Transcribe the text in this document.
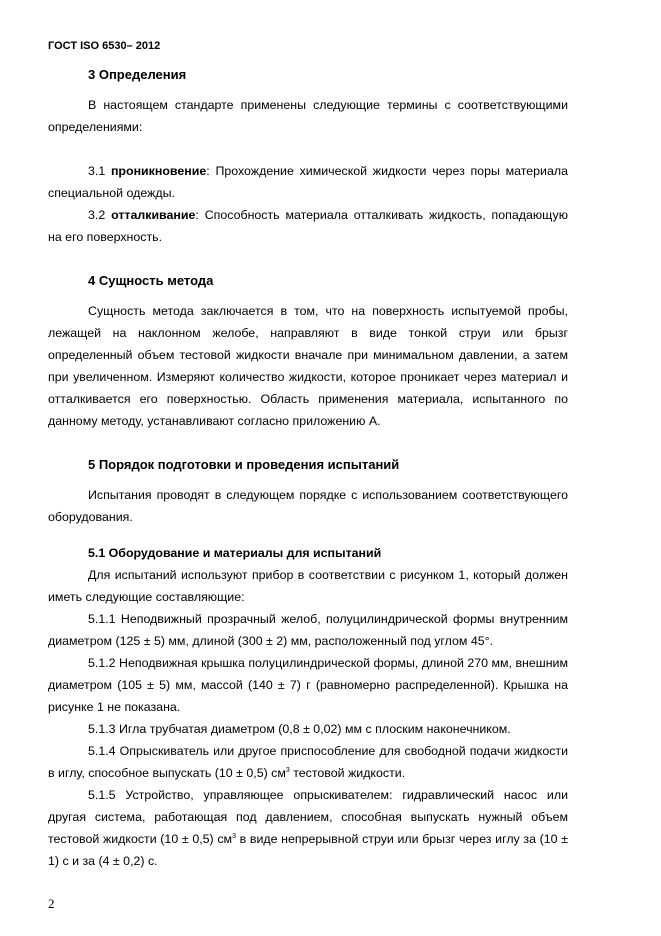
ГОСТ ISO 6530– 2012
3 Определения

В настоящем стандарте применены следующие термины с соответствующими определениями:

3.1 проникновение: Прохождение химической жидкости через поры материала специальной одежды.

3.2 отталкивание: Способность материала отталкивать жидкость, попадающую на его поверхность.

4 Сущность метода

Сущность метода заключается в том, что на поверхность испытуемой пробы, лежащей на наклонном желобе, направляют в виде тонкой струи или брызг определенный объем тестовой жидкости вначале при минимальном давлении, а затем при увеличенном. Измеряют количество жидкости, которое проникает через материал и отталкивается его поверхностью. Область применения материала, испытанного по данному методу, устанавливают согласно приложению А.

5 Порядок подготовки и проведения испытаний

Испытания проводят в следующем порядке с использованием соответствующего оборудования.

5.1 Оборудование и материалы для испытаний

Для испытаний используют прибор в соответствии с рисунком 1, который должен иметь следующие составляющие:

5.1.1 Неподвижный прозрачный желоб, полуцилиндрической формы внутренним диаметром (125 ± 5) мм, длиной (300 ± 2) мм, расположенный под углом 45°.

5.1.2 Неподвижная крышка полуцилиндрической формы, длиной 270 мм, внешним диаметром (105 ± 5) мм, массой (140 ± 7) г (равномерно распределенной). Крышка на рисунке 1 не показана.

5.1.3 Игла трубчатая диаметром (0,8 ± 0,02) мм с плоским наконечником.

5.1.4 Опрыскиватель или другое приспособление для свободной подачи жидкости в иглу, способное выпускать (10 ± 0,5) $см^3$ тестовой жидкости.

5.1.5 Устройство, управляющее опрыскивателем: гидравлический насос или другая система, работающая под давлением, способная выпускать нужный объем тестовой жидкости (10 ± 0,5) $см^3$ в виде непрерывной струи или брызг через иглу за (10 ± 1) с и за (4 ± 0,2) с.

2
